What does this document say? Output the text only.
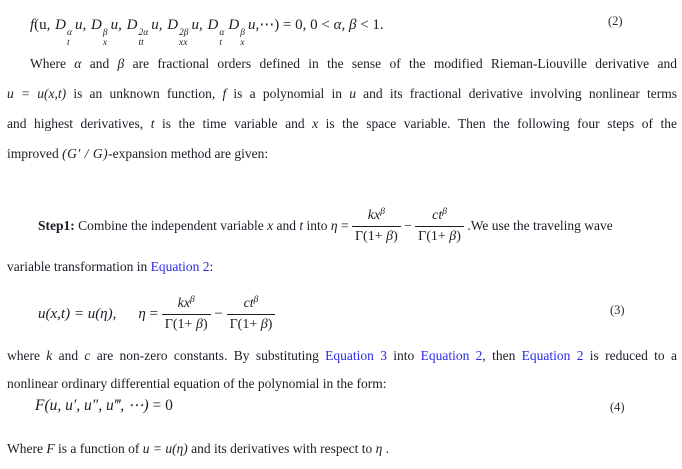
f(u, D α
t
u, D β
x
u, D 2α
tt
u, D 2β
xx
u, D α
t
D β
x
u,⋯) = 0, 0 < α, β < 1.	(2)
Where α and β are fractional orders defined in the sense of the modified Rieman-Liouville derivative and
u = u(x,t) is an unknown function, f is a polynomial in u and its fractional derivative involving nonlinear terms
and highest derivatives, t is the time variable and x is the space variable. Then the following four steps of the
improved (G′ / G)-expansion method are given:
Step1: Combine the independent variable x and t into $\eta = \frac{kx^\beta}{\Gamma(1+ \beta)} - \frac{ct^\beta}{\Gamma(1+ \beta)} .We$ use the traveling wave
variable transformation in Equation 2:
u(x,t) = u(η), $\eta = \frac{kx^\beta}{\Gamma(1+ \beta)} - \frac{ct^\beta}{\Gamma(1+ \beta)}$	(3)
where k and c are non-zero constants. By substituting Equation 3 into Equation 2, then Equation 2 is reduced to a
nonlinear ordinary differential equation of the polynomial in the form:
F(u, u′, u″, u‴, ⋯) = 0	(4)
Where F is a function of u = u(η) and its derivatives with respect to η .
